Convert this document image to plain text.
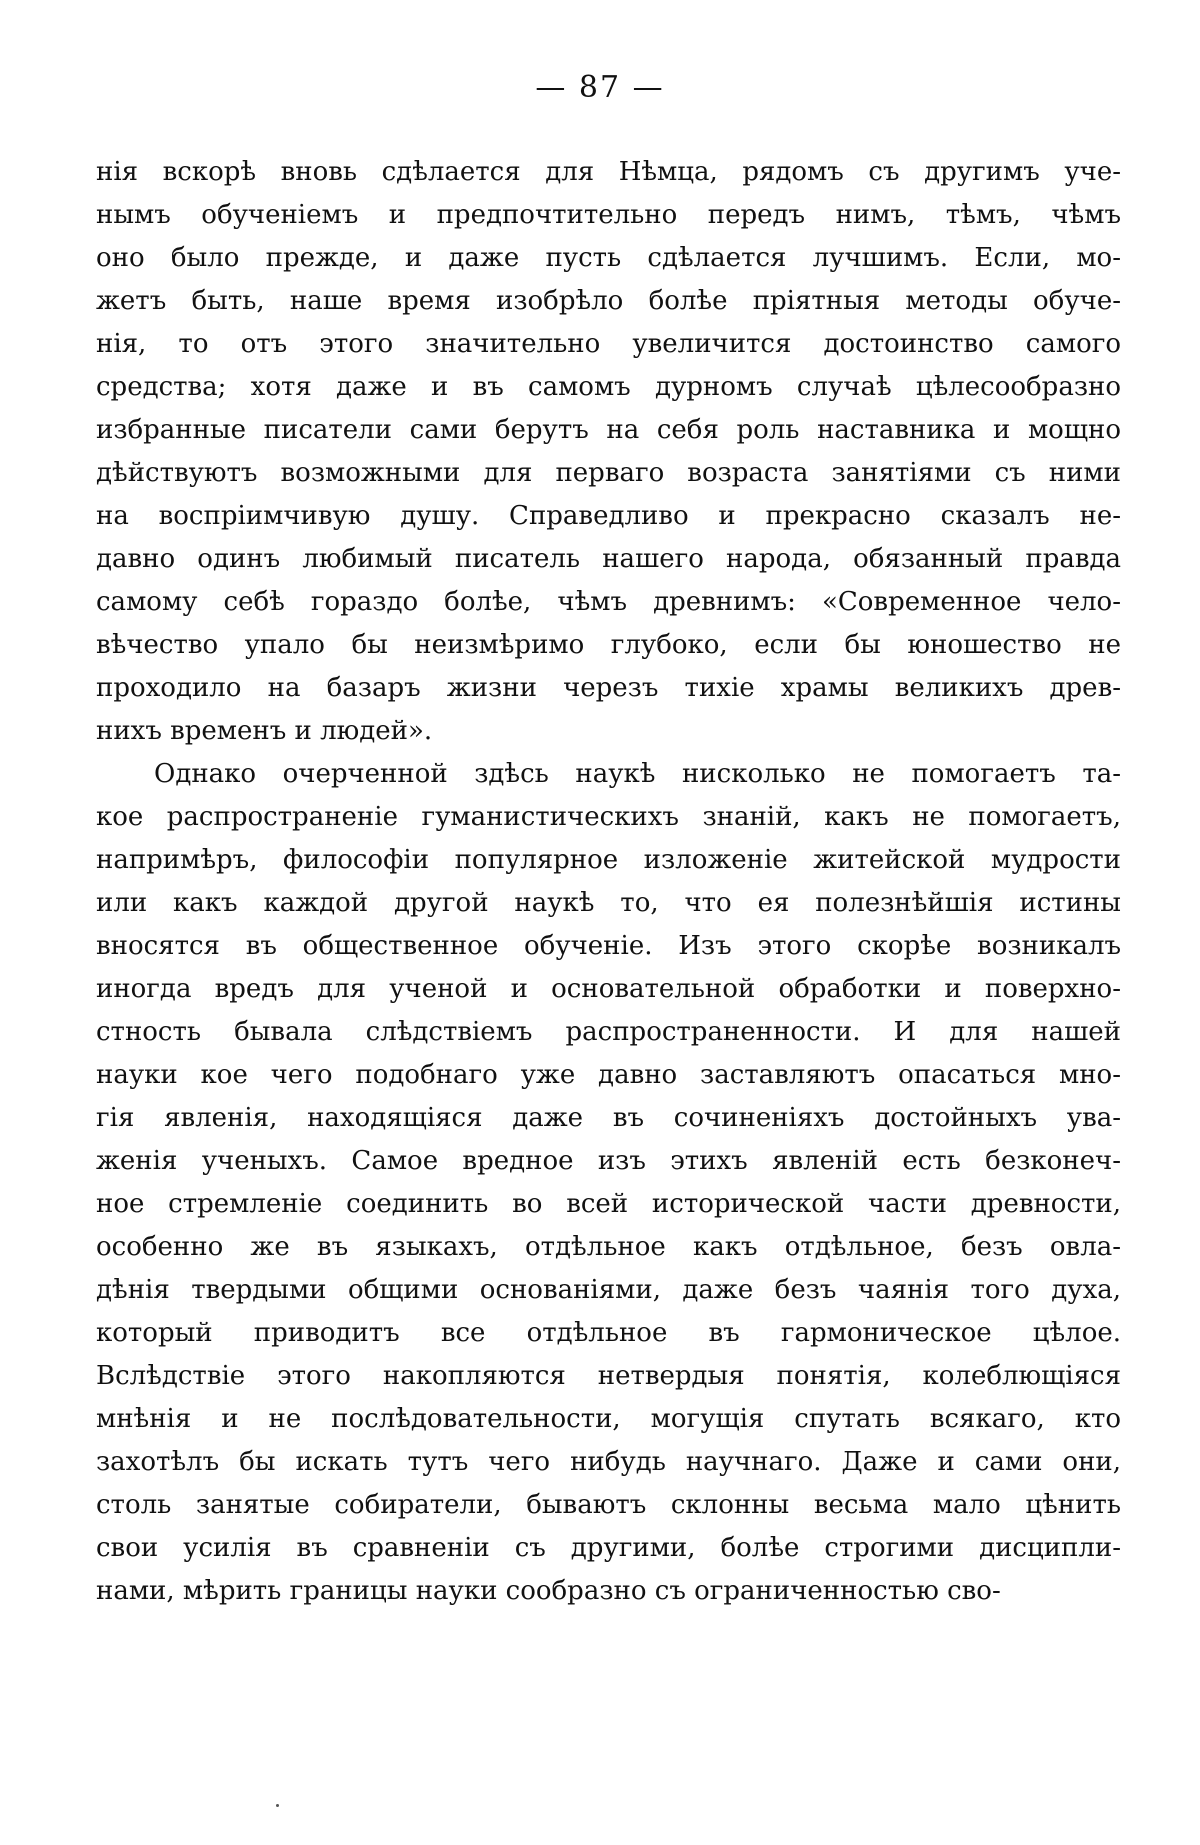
— 87 —
нія вскорѣ вновь сдѣлается для Нѣмца, рядомъ съ другимъ уче-
нымъ обученіемъ и предпочтительно передъ нимъ, тѣмъ, чѣмъ
оно было прежде, и даже пусть сдѣлается лучшимъ. Если, мо-
жетъ быть, наше время изобрѣло болѣе пріятныя методы обуче-
нія, то отъ этого значительно увеличится достоинство самого
средства; хотя даже и въ самомъ дурномъ случаѣ цѣлесообразно
избранные писатели сами берутъ на себя роль наставника и мощно
дѣйствуютъ возможными для перваго возраста занятіями съ ними
на воспріимчивую душу. Справедливо и прекрасно сказалъ не-
давно одинъ любимый писатель нашего народа, обязанный правда
самому себѣ гораздо болѣе, чѣмъ древнимъ: «Современное чело-
вѣчество упало бы неизмѣримо глубоко, если бы юношество не
проходило на базаръ жизни черезъ тихіе храмы великихъ древ-
нихъ временъ и людей».
Однако очерченной здѣсь наукѣ нисколько не помогаетъ та-
кое распространеніе гуманистическихъ знаній, какъ не помогаетъ,
напримѣръ, философіи популярное изложеніе житейской мудрости
или какъ каждой другой наукѣ то, что ея полезнѣйшія истины
вносятся въ общественное обученіе. Изъ этого скорѣе возникалъ
иногда вредъ для ученой и основательной обработки и поверхно-
стность бывала слѣдствіемъ распространенности. И для нашей
науки кое чего подобнаго уже давно заставляютъ опасаться мно-
гія явленія, находящіяся даже въ сочиненіяхъ достойныхъ ува-
женія ученыхъ. Самое вредное изъ этихъ явленій есть безконеч-
ное стремленіе соединить во всей исторической части древности,
особенно же въ языкахъ, отдѣльное какъ отдѣльное, безъ овла-
дѣнія твердыми общими основаніями, даже безъ чаянія того духа,
который приводитъ все отдѣльное въ гармоническое цѣлое.
Вслѣдствіе этого накопляются нетвердыя понятія, колеблющіяся
мнѣнія и не послѣдовательности, могущія спутать всякаго, кто
захотѣлъ бы искать тутъ чего нибудь научнаго. Даже и сами они,
столь занятые собиратели, бываютъ склонны весьма мало цѣнить
свои усилія въ сравненіи съ другими, болѣе строгими дисципли-
нами, мѣрить границы науки сообразно съ ограниченностью сво-
